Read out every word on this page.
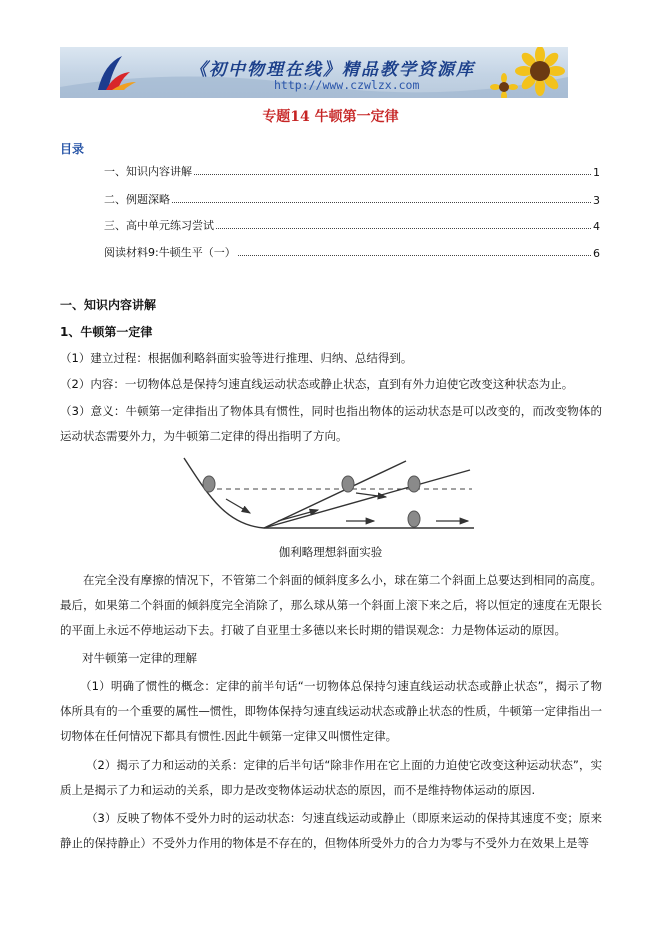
《初中物理在线》精品教学资源库
http://www.czwlzx.com
专题14 牛顿第一定律
目录
一、知识内容讲解	1
二、例题深略	3
三、高中单元练习尝试	4
阅读材料9:牛顿生平（一）	6
一、知识内容讲解
1、牛顿第一定律
（1）建立过程：根据伽利略斜面实验等进行推理、归纳、总结得到。
（2）内容：一切物体总是保持匀速直线运动状态或静止状态，直到有外力迫使它改变这种状态为止。
（3）意义：牛顿第一定律指出了物体具有惯性，同时也指出物体的运动状态是可以改变的，而改变物体的运动状态需要外力，为牛顿第二定律的得出指明了方向。
伽利略理想斜面实验
在完全没有摩擦的情况下，不管第二个斜面的倾斜度多么小，球在第二个斜面上总要达到相同的高度。最后，如果第二个斜面的倾斜度完全消除了，那么球从第一个斜面上滚下来之后，将以恒定的速度在无限长的平面上永远不停地运动下去。打破了自亚里士多德以来长时期的错误观念：力是物体运动的原因。
对牛顿第一定律的理解
（1）明确了惯性的概念：定律的前半句话“一切物体总保持匀速直线运动状态或静止状态”，揭示了物体所具有的一个重要的属性—惯性，即物体保持匀速直线运动状态或静止状态的性质，牛顿第一定律指出一切物体在任何情况下都具有惯性.因此牛顿第一定律又叫惯性定律。
（2）揭示了力和运动的关系：定律的后半句话“除非作用在它上面的力迫使它改变这种运动状态”，实质上是揭示了力和运动的关系，即力是改变物体运动状态的原因，而不是维持物体运动的原因.
（3）反映了物体不受外力时的运动状态：匀速直线运动或静止（即原来运动的保持其速度不变；原来静止的保持静止）不受外力作用的物体是不存在的，但物体所受外力的合力为零与不受外力在效果上是等
